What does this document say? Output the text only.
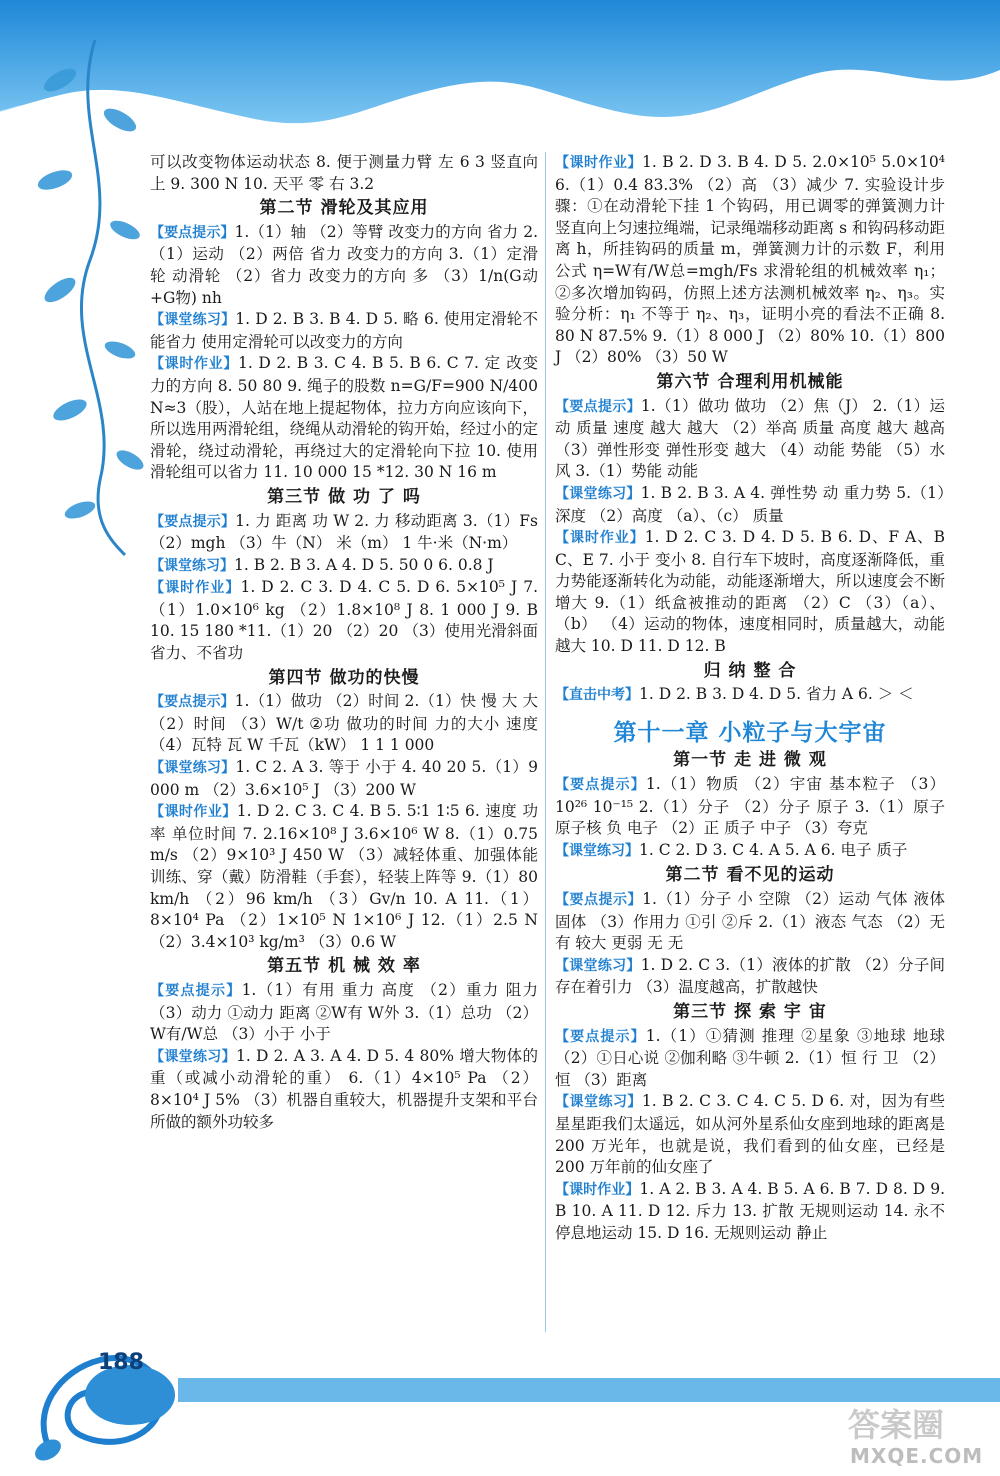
可以改变物体运动状态 8. 便于测量力臂 左 6 3 竖直向上 9. 300 N 10. 天平 零 右 3.2
第二节 滑轮及其应用
【要点提示】1.（1）轴 （2）等臂 改变力的方向 省力 2.（1）运动 （2）两倍 省力 改变力的方向 3.（1）定滑轮 动滑轮 （2）省力 改变力的方向 多 （3）1/n(G动+G物) nh
【课堂练习】1. D 2. B 3. B 4. D 5. 略 6. 使用定滑轮不能省力 使用定滑轮可以改变力的方向
【课时作业】1. D 2. B 3. C 4. B 5. B 6. C 7. 定 改变力的方向 8. 50 80 9. 绳子的股数 n=G/F=900 N/400 N≈3（股），人站在地上提起物体，拉力方向应该向下，所以选用两滑轮组，绕绳从动滑轮的钩开始，经过小的定滑轮，绕过动滑轮，再绕过大的定滑轮向下拉 10. 使用滑轮组可以省力 11. 10 000 15 *12. 30 N 16 m
第三节 做 功 了 吗
【要点提示】1. 力 距离 功 W 2. 力 移动距离 3.（1）Fs （2）mgh （3）牛（N） 米（m） 1 牛·米（N·m）
【课堂练习】1. B 2. B 3. A 4. D 5. 50 0 6. 0.8 J
【课时作业】1. D 2. C 3. D 4. C 5. D 6. 5×10⁵ J 7.（1）1.0×10⁶ kg （2）1.8×10⁸ J 8. 1 000 J 9. B 10. 15 180 *11.（1）20 （2）20 （3）使用光滑斜面省力、不省功
第四节 做功的快慢
【要点提示】1.（1）做功 （2）时间 2.（1）快 慢 大 大 （2）时间 （3）W/t ②功 做功的时间 力的大小 速度 （4）瓦特 瓦 W 千瓦（kW） 1 1 1 000
【课堂练习】1. C 2. A 3. 等于 小于 4. 40 20 5.（1）9 000 m （2）3.6×10⁵ J （3）200 W
【课时作业】1. D 2. C 3. C 4. B 5. 5∶1 1∶5 6. 速度 功率 单位时间 7. 2.16×10⁸ J 3.6×10⁶ W 8.（1）0.75 m/s （2）9×10³ J 450 W （3）减轻体重、加强体能训练、穿（戴）防滑鞋（手套），轻装上阵等 9.（1）80 km/h （2）96 km/h （3）Gv/n 10. A 11.（1）8×10⁴ Pa （2）1×10⁵ N 1×10⁶ J 12.（1）2.5 N （2）3.4×10³ kg/m³ （3）0.6 W
第五节 机 械 效 率
【要点提示】1.（1）有用 重力 高度 （2）重力 阻力 （3）动力 ①动力 距离 ②W有 W外 3.（1）总功 （2）W有/W总 （3）小于 小于
【课堂练习】1. D 2. A 3. A 4. D 5. 4 80% 增大物体的重（或减小动滑轮的重） 6.（1）4×10⁵ Pa （2）8×10⁴ J 5% （3）机器自重较大，机器提升支架和平台所做的额外功较多
【课时作业】1. B 2. D 3. B 4. D 5. 2.0×10⁵ 5.0×10⁴ 6.（1）0.4 83.3% （2）高 （3）减少 7. 实验设计步骤：①在动滑轮下挂 1 个钩码，用已调零的弹簧测力计竖直向上匀速拉绳端，记录绳端移动距离 s 和钩码移动距离 h，所挂钩码的质量 m，弹簧测力计的示数 F，利用公式 η=W有/W总=mgh/Fs 求滑轮组的机械效率 η₁；②多次增加钩码，仿照上述方法测机械效率 η₂、η₃。实验分析：η₁ 不等于 η₂、η₃，证明小亮的看法不正确 8. 80 N 87.5% 9.（1）8 000 J （2）80% 10.（1）800 J （2）80% （3）50 W
第六节 合理利用机械能
【要点提示】1.（1）做功 做功 （2）焦（J） 2.（1）运动 质量 速度 越大 越大 （2）举高 质量 高度 越大 越高 （3）弹性形变 弹性形变 越大 （4）动能 势能 （5）水 风 3.（1）势能 动能
【课堂练习】1. B 2. B 3. A 4. 弹性势 动 重力势 5.（1）深度 （2）高度 （a）、（c） 质量
【课时作业】1. D 2. C 3. D 4. D 5. B 6. D、F A、B C、E 7. 小于 变小 8. 自行车下坡时，高度逐渐降低，重力势能逐渐转化为动能，动能逐渐增大，所以速度会不断增大 9.（1）纸盒被推动的距离 （2）C （3）（a）、（b） （4）运动的物体，速度相同时，质量越大，动能越大 10. D 11. D 12. B
归 纳 整 合
【直击中考】1. D 2. B 3. D 4. D 5. 省力 A 6. ＞ ＜
第十一章 小粒子与大宇宙
第一节 走 进 微 观
【要点提示】1.（1）物质 （2）宇宙 基本粒子 （3）10²⁶ 10⁻¹⁵ 2.（1）分子 （2）分子 原子 3.（1）原子 原子核 负 电子 （2）正 质子 中子 （3）夸克
【课堂练习】1. C 2. D 3. C 4. A 5. A 6. 电子 质子
第二节 看不见的运动
【要点提示】1.（1）分子 小 空隙 （2）运动 气体 液体 固体 （3）作用力 ①引 ②斥 2.（1）液态 气态 （2）无 有 较大 更弱 无 无
【课堂练习】1. D 2. C 3.（1）液体的扩散 （2）分子间存在着引力 （3）温度越高，扩散越快
第三节 探 索 宇 宙
【要点提示】1.（1）①猜测 推理 ②星象 ③地球 地球 （2）①日心说 ②伽利略 ③牛顿 2.（1）恒 行 卫 （2）恒 （3）距离
【课堂练习】1. B 2. C 3. C 4. C 5. D 6. 对，因为有些星星距我们太遥远，如从河外星系仙女座到地球的距离是 200 万光年，也就是说，我们看到的仙女座，已经是 200 万年前的仙女座了
【课时作业】1. A 2. B 3. A 4. B 5. A 6. B 7. D 8. D 9. B 10. A 11. D 12. 斥力 13. 扩散 无规则运动 14. 永不停息地运动 15. D 16. 无规则运动 静止
188
答案圈
MXQE.COM
